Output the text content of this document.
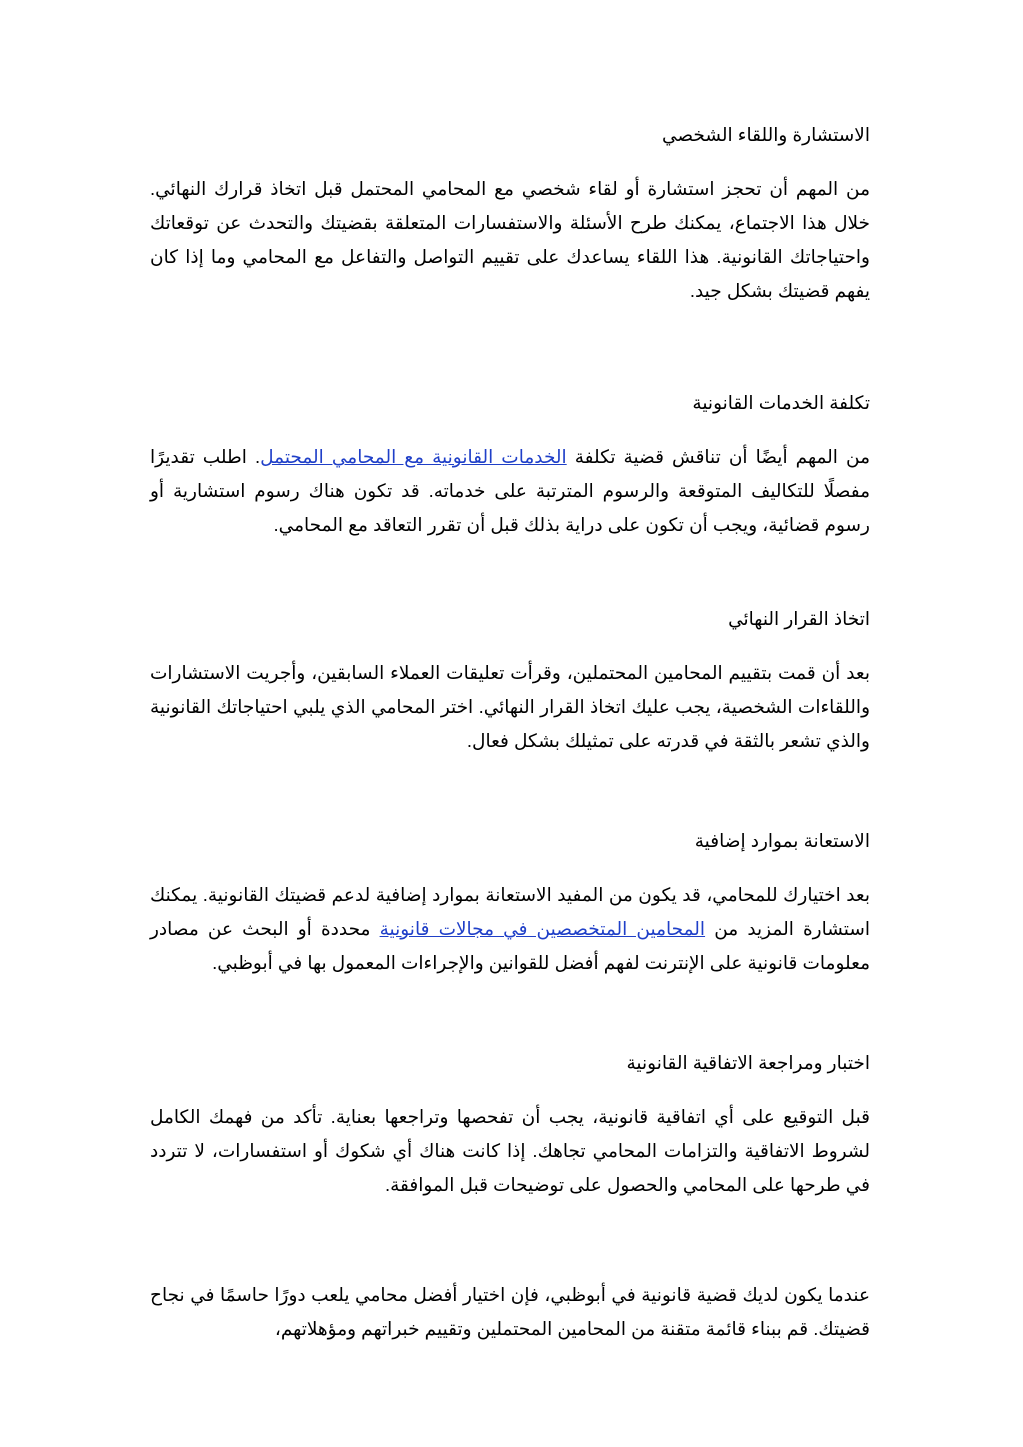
الاستشارة واللقاء الشخصي

من المهم أن تحجز استشارة أو لقاء شخصي مع المحامي المحتمل قبل اتخاذ قرارك النهائي. خلال هذا الاجتماع، يمكنك طرح الأسئلة والاستفسارات المتعلقة بقضيتك والتحدث عن توقعاتك واحتياجاتك القانونية. هذا اللقاء يساعدك على تقييم التواصل والتفاعل مع المحامي وما إذا كان يفهم قضيتك بشكل جيد.

تكلفة الخدمات القانونية

من المهم أيضًا أن تناقش قضية تكلفة الخدمات القانونية مع المحامي المحتمل. اطلب تقديرًا مفصلًا للتكاليف المتوقعة والرسوم المترتبة على خدماته. قد تكون هناك رسوم استشارية أو رسوم قضائية، ويجب أن تكون على دراية بذلك قبل أن تقرر التعاقد مع المحامي.

اتخاذ القرار النهائي

بعد أن قمت بتقييم المحامين المحتملين، وقرأت تعليقات العملاء السابقين، وأجريت الاستشارات واللقاءات الشخصية، يجب عليك اتخاذ القرار النهائي. اختر المحامي الذي يلبي احتياجاتك القانونية والذي تشعر بالثقة في قدرته على تمثيلك بشكل فعال.

الاستعانة بموارد إضافية

بعد اختيارك للمحامي، قد يكون من المفيد الاستعانة بموارد إضافية لدعم قضيتك القانونية. يمكنك استشارة المزيد من المحامين المتخصصين في مجالات قانونية محددة أو البحث عن مصادر معلومات قانونية على الإنترنت لفهم أفضل للقوانين والإجراءات المعمول بها في أبوظبي.

اختبار ومراجعة الاتفاقية القانونية

قبل التوقيع على أي اتفاقية قانونية، يجب أن تفحصها وتراجعها بعناية. تأكد من فهمك الكامل لشروط الاتفاقية والتزامات المحامي تجاهك. إذا كانت هناك أي شكوك أو استفسارات، لا تتردد في طرحها على المحامي والحصول على توضيحات قبل الموافقة.

عندما يكون لديك قضية قانونية في أبوظبي، فإن اختيار أفضل محامي يلعب دورًا حاسمًا في نجاح قضيتك. قم ببناء قائمة متقنة من المحامين المحتملين وتقييم خبراتهم ومؤهلاتهم،
